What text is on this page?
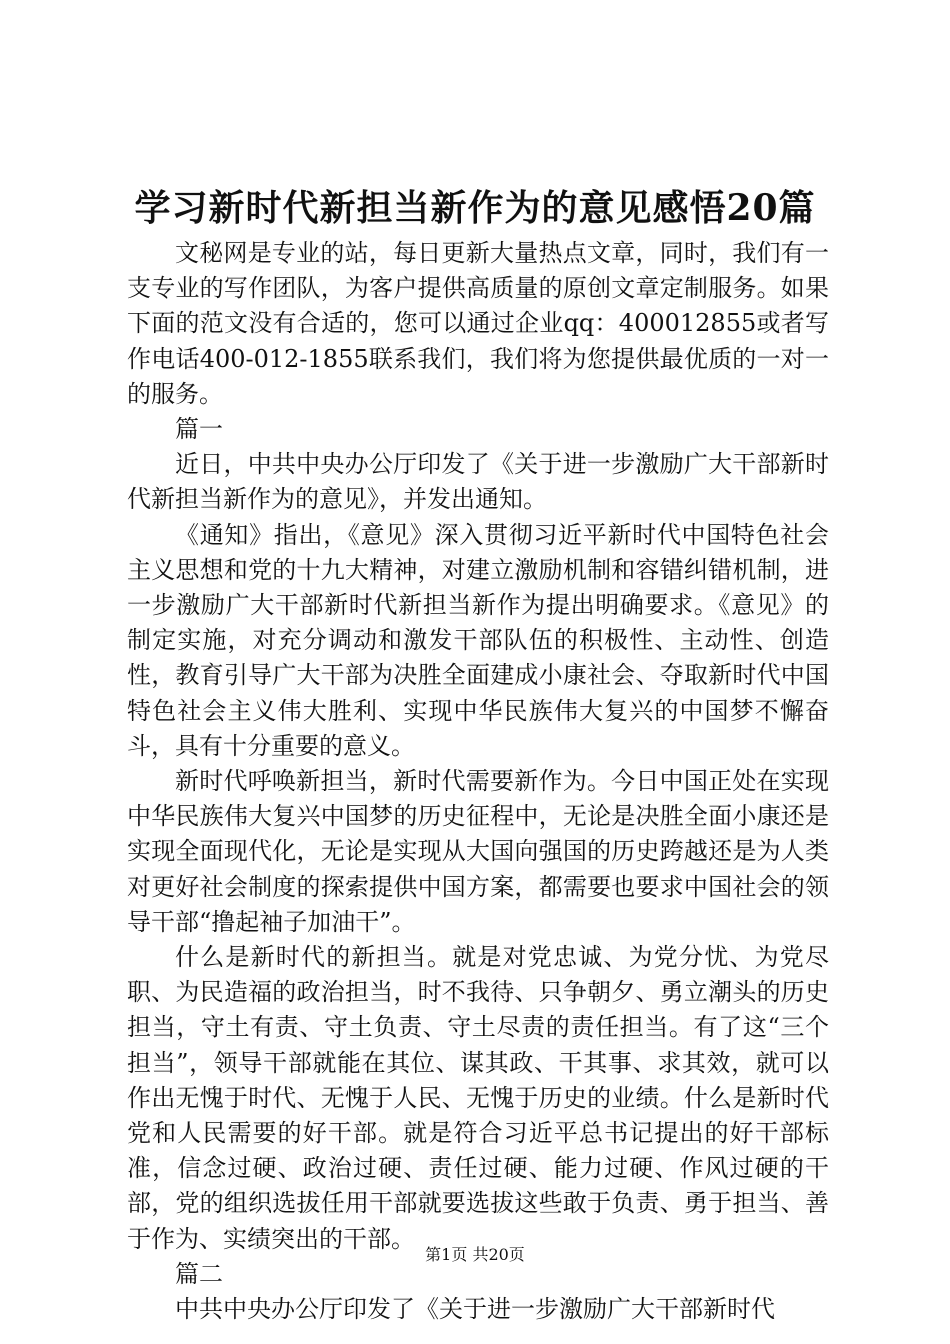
学习新时代新担当新作为的意见感悟20篇

文秘网是专业的站，每日更新大量热点文章，同时，我们有一支专业的写作团队，为客户提供高质量的原创文章定制服务。如果下面的范文没有合适的，您可以通过企业qq：400012855或者写作电话400-012-1855联系我们，我们将为您提供最优质的一对一的服务。

篇一

近日，中共中央办公厅印发了《关于进一步激励广大干部新时代新担当新作为的意见》，并发出通知。

《通知》指出，《意见》深入贯彻习近平新时代中国特色社会主义思想和党的十九大精神，对建立激励机制和容错纠错机制，进一步激励广大干部新时代新担当新作为提出明确要求。《意见》的制定实施，对充分调动和激发干部队伍的积极性、主动性、创造性，教育引导广大干部为决胜全面建成小康社会、夺取新时代中国特色社会主义伟大胜利、实现中华民族伟大复兴的中国梦不懈奋斗，具有十分重要的意义。

新时代呼唤新担当，新时代需要新作为。今日中国正处在实现中华民族伟大复兴中国梦的历史征程中，无论是决胜全面小康还是实现全面现代化，无论是实现从大国向强国的历史跨越还是为人类对更好社会制度的探索提供中国方案，都需要也要求中国社会的领导干部“撸起袖子加油干”。

什么是新时代的新担当。就是对党忠诚、为党分忧、为党尽职、为民造福的政治担当，时不我待、只争朝夕、勇立潮头的历史担当，守土有责、守土负责、守土尽责的责任担当。有了这“三个担当”，领导干部就能在其位、谋其政、干其事、求其效，就可以作出无愧于时代、无愧于人民、无愧于历史的业绩。什么是新时代党和人民需要的好干部。就是符合习近平总书记提出的好干部标准，信念过硬、政治过硬、责任过硬、能力过硬、作风过硬的干部，党的组织选拔任用干部就要选拔这些敢于负责、勇于担当、善于作为、实绩突出的干部。

篇二

中共中央办公厅印发了《关于进一步激励广大干部新时代

第1页 共20页
